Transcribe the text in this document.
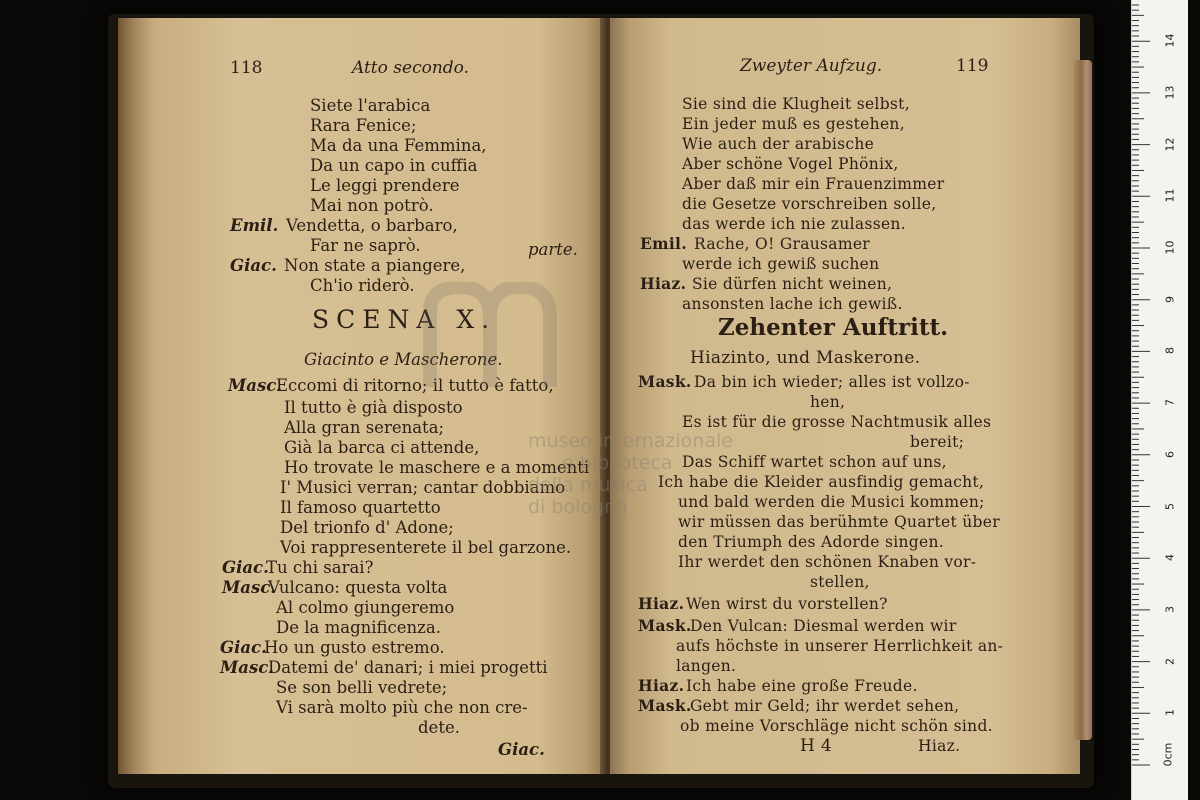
118	Atto secondo.
Siete l'arabica
Rara Fenice;
Ma da una Femmina,
Da un capo in cuffia
Le leggi prendere
Mai non potrò.
Emil. Vendetta, o barbaro,
Far ne saprò.	parte.
Giac. Non state a piangere,
Ch'io riderò.
SCENA X.
Giacinto e Mascherone.
Masc.
Eccomi di ritorno; il tutto è fatto,
Il tutto è già disposto
Alla gran serenata;
Già la barca ci attende,
Ho trovate le maschere e a momenti
I' Musici verran; cantar dobbiamo
Il famoso quartetto
Del trionfo d' Adone;
Voi rappresenterete il bel garzone.
Giac.
Tu chi sarai?
Masc.
Vulcano: questa volta
Al colmo giungeremo
De la magnificenza.
Giac.
Ho un gusto estremo.
Masc.
Datemi de' danari; i miei progetti
Se son belli vedrete;
Vi sarà molto più che non cre-
dete.
Giac.
Zweyter Aufzug.	119
Sie sind die Klugheit selbst,
Ein jeder muß es gestehen,
Wie auch der arabische
Aber schöne Vogel Phönix,
Aber daß mir ein Frauenzimmer
die Gesetze vorschreiben solle,
das werde ich nie zulassen.
Emil. Rache, O! Grausamer
werde ich gewiß suchen
Hiaz. Sie dürfen nicht weinen,
ansonsten lache ich gewiß.
Zehenter Auftritt.
Hiazinto, und Maskerone.
Mask. Da bin ich wieder; alles ist vollzo-
hen,
Es ist für die grosse Nachtmusik alles
bereit;
Das Schiff wartet schon auf uns,
Ich habe die Kleider ausfindig gemacht,
und bald werden die Musici kommen;
wir müssen das berühmte Quartet über
den Triumph des Adorde singen.
Ihr werdet den schönen Knaben vor-
stellen,
Hiaz. Wen wirst du vorstellen?
Mask.
Den Vulcan: Diesmal werden wir
aufs höchste in unserer Herrlichkeit an-
langen.
Hiaz. Ich habe eine große Freude.
Mask.
Gebt mir Geld; ihr werdet sehen,
ob meine Vorschläge nicht schön sind.
H 4	Hiaz.
museo internazionale
e biblioteca
della musica
di bologna
0cm
1
2
3
4
5
6
7
8
9
10
11
12
13
14
